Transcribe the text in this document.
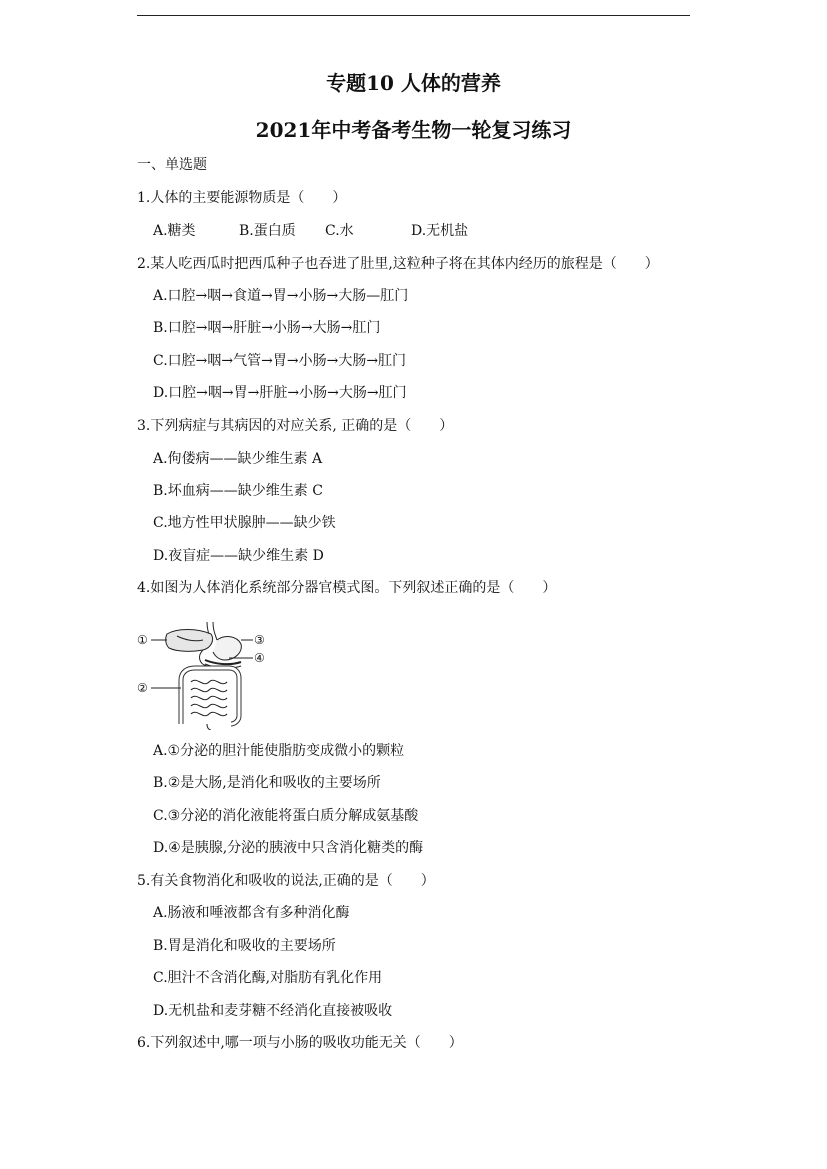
专题10 人体的营养
2021年中考备考生物一轮复习练习
一、单选题
1.人体的主要能源物质是（　　）
A.糖类	B.蛋白质 C.水	D.无机盐
2.某人吃西瓜时把西瓜种子也吞进了肚里,这粒种子将在其体内经历的旅程是（　　）
A.口腔→咽→食道→胃→小肠→大肠—肛门
B.口腔→咽→肝脏→小肠→大肠→肛门
C.口腔→咽→气管→胃→小肠→大肠→肛门
D.口腔→咽→胃→肝脏→小肠→大肠→肛门
3.下列病症与其病因的对应关系, 正确的是（　　）
A.佝偻病——缺少维生素 A
B.坏血病——缺少维生素 C
C.地方性甲状腺肿——缺少铁
D.夜盲症——缺少维生素 D
4.如图为人体消化系统部分器官模式图。下列叙述正确的是（　　）
①	③
④
②
A.①分泌的胆汁能使脂肪变成微小的颗粒
B.②是大肠,是消化和吸收的主要场所
C.③分泌的消化液能将蛋白质分解成氨基酸
D.④是胰腺,分泌的胰液中只含消化糖类的酶
5.有关食物消化和吸收的说法,正确的是（　　）
A.肠液和唾液都含有多种消化酶
B.胃是消化和吸收的主要场所
C.胆汁不含消化酶,对脂肪有乳化作用
D.无机盐和麦芽糖不经消化直接被吸收
6.下列叙述中,哪一项与小肠的吸收功能无关（　　）
